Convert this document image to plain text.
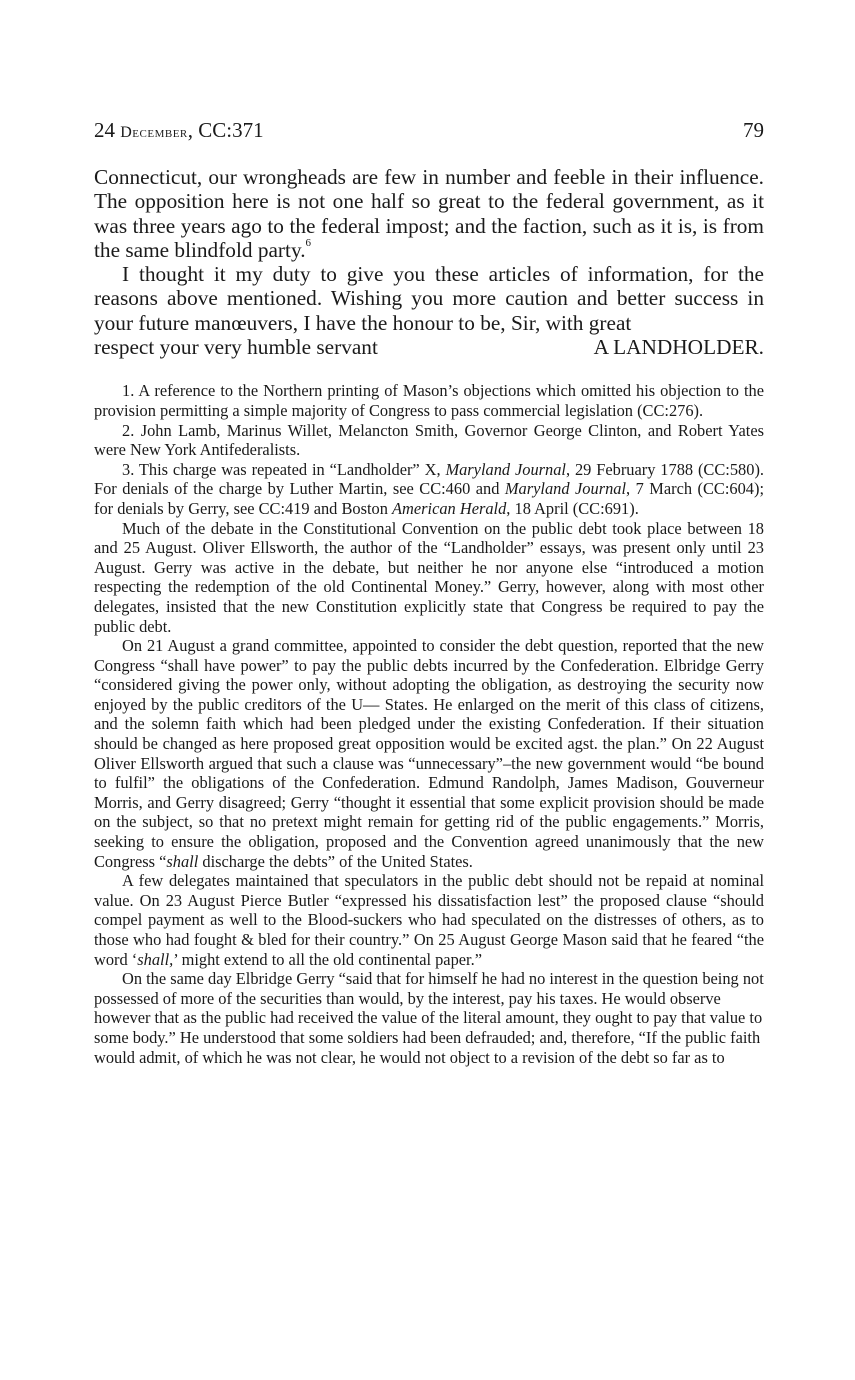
24 December, CC:371	79

Connecticut, our wrongheads are few in number and feeble in their influence. The opposition here is not one half so great to the federal government, as it was three years ago to the federal impost; and the faction, such as it is, is from the same blindfold party.$^6$

I thought it my duty to give you these articles of information, for the reasons above mentioned. Wishing you more caution and better success in your future manœuvers, I have the honour to be, Sir, with great

respect your very humble servant	A LANDHOLDER.

1. A reference to the Northern printing of Mason’s objections which omitted his objection to the provision permitting a simple majority of Congress to pass commercial legislation (CC:276).

2. John Lamb, Marinus Willet, Melancton Smith, Governor George Clinton, and Robert Yates were New York Antifederalists.

3. This charge was repeated in “Landholder” X, Maryland Journal, 29 February 1788 (CC:580). For denials of the charge by Luther Martin, see CC:460 and Maryland Journal, 7 March (CC:604); for denials by Gerry, see CC:419 and Boston American Herald, 18 April (CC:691).

Much of the debate in the Constitutional Convention on the public debt took place between 18 and 25 August. Oliver Ellsworth, the author of the “Landholder” essays, was present only until 23 August. Gerry was active in the debate, but neither he nor anyone else “introduced a motion respecting the redemption of the old Continental Money.” Gerry, however, along with most other delegates, insisted that the new Constitution explicitly state that Congress be required to pay the public debt.

On 21 August a grand committee, appointed to consider the debt question, reported that the new Congress “shall have power” to pay the public debts incurred by the Confederation. Elbridge Gerry “considered giving the power only, without adopting the obligation, as destroying the security now enjoyed by the public creditors of the U— States. He enlarged on the merit of this class of citizens, and the solemn faith which had been pledged under the existing Confederation. If their situation should be changed as here proposed great opposition would be excited agst. the plan.” On 22 August Oliver Ellsworth argued that such a clause was “unnecessary”–the new government would “be bound to fulfil” the obligations of the Confederation. Edmund Randolph, James Madison, Gouverneur Morris, and Gerry disagreed; Gerry “thought it essential that some explicit provision should be made on the subject, so that no pretext might remain for getting rid of the public engagements.” Morris, seeking to ensure the obligation, proposed and the Convention agreed unanimously that the new Congress “shall discharge the debts” of the United States.

A few delegates maintained that speculators in the public debt should not be repaid at nominal value. On 23 August Pierce Butler “expressed his dissatisfaction lest” the proposed clause “should compel payment as well to the Blood-suckers who had speculated on the distresses of others, as to those who had fought & bled for their country.” On 25 August George Mason said that he feared “the word ‘shall,’ might extend to all the old continental paper.”

On the same day Elbridge Gerry “said that for himself he had no interest in the question being not possessed of more of the securities than would, by the interest, pay his taxes. He would observe however that as the public had received the value of the literal amount, they ought to pay that value to some body.” He understood that some soldiers had been defrauded; and, therefore, “If the public faith would admit, of which he was not clear, he would not object to a revision of the debt so far as to
